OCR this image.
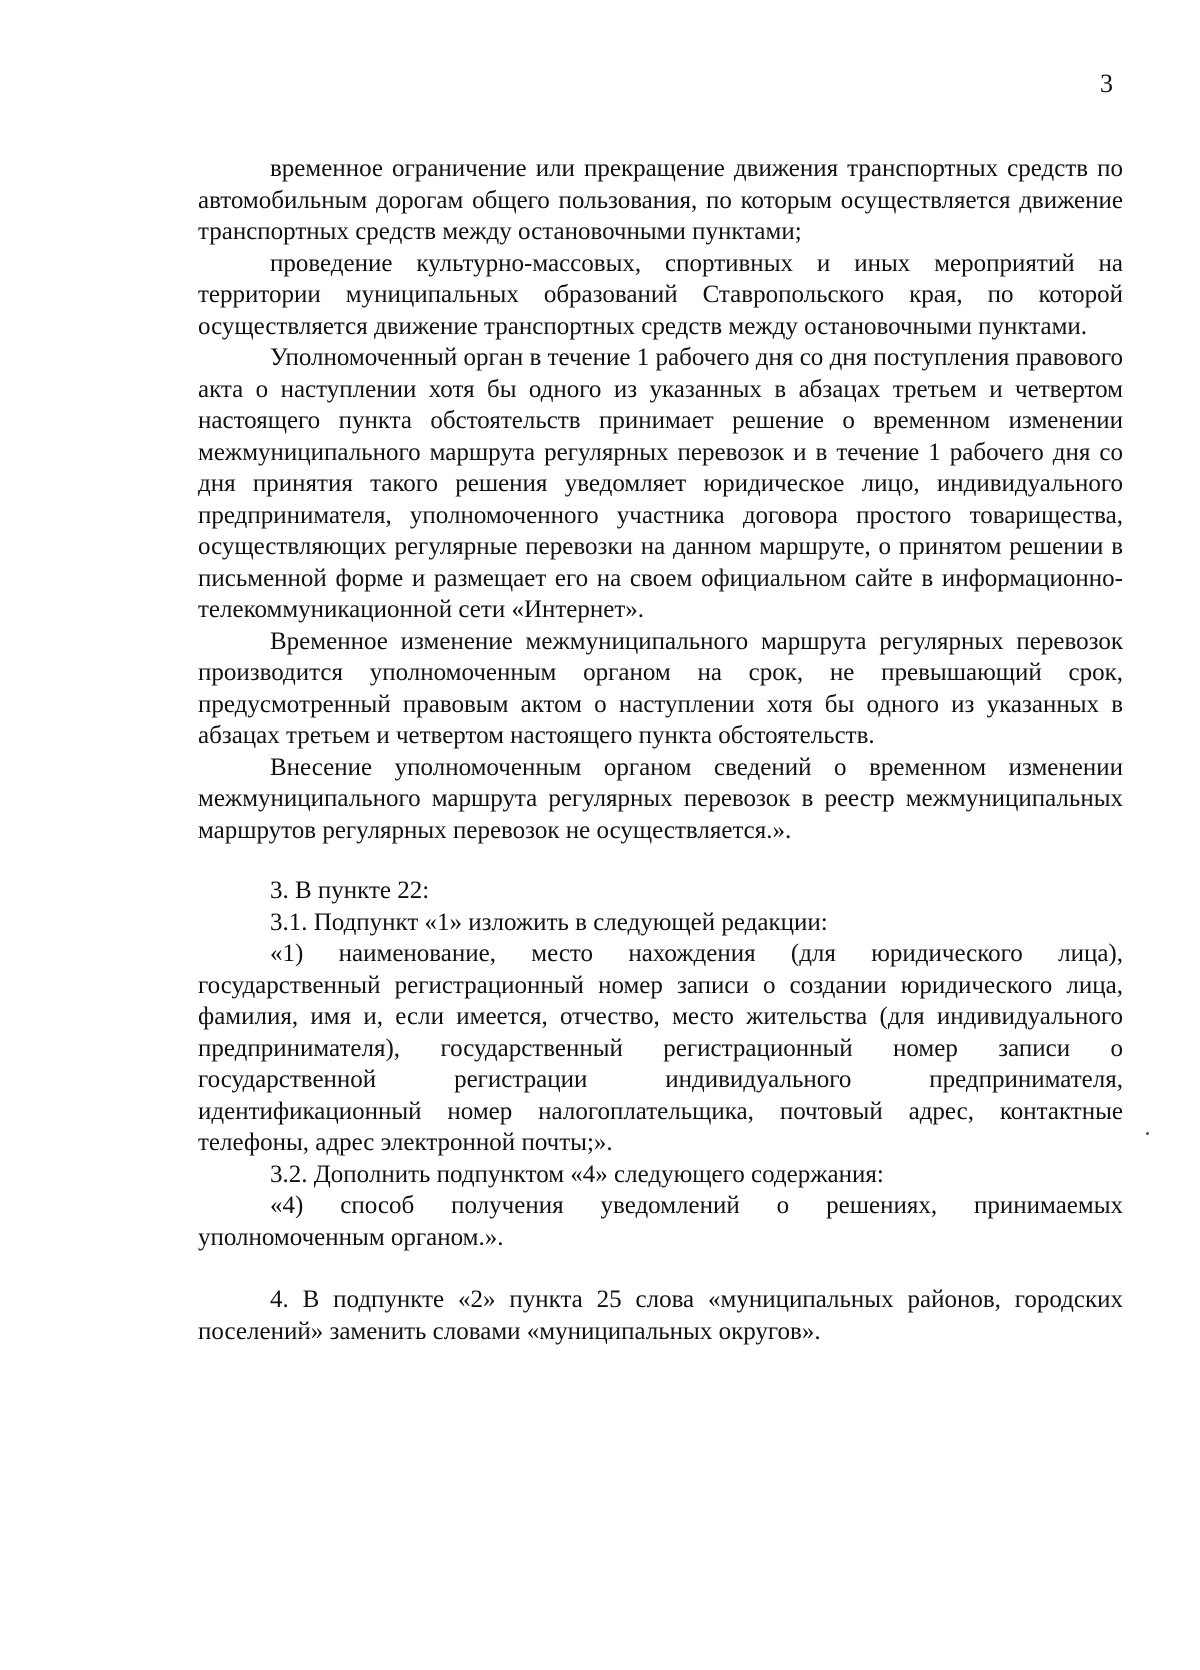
3

временное ограничение или прекращение движения транспортных средств по автомобильным дорогам общего пользования, по которым осуществляется движение транспортных средств между остановочными пунктами;

проведение культурно-массовых, спортивных и иных мероприятий на территории муниципальных образований Ставропольского края, по которой осуществляется движение транспортных средств между остановочными пунктами.

Уполномоченный орган в течение 1 рабочего дня со дня поступления правового акта о наступлении хотя бы одного из указанных в абзацах третьем и четвертом настоящего пункта обстоятельств принимает решение о временном изменении межмуниципального маршрута регулярных перевозок и в течение 1 рабочего дня со дня принятия такого решения уведомляет юридическое лицо, индивидуального предпринимателя, уполномоченного участника договора простого товарищества, осуществляющих регулярные перевозки на данном маршруте, о принятом решении в письменной форме и размещает его на своем официальном сайте в информационно-телекоммуникационной сети «Интернет».

Временное изменение межмуниципального маршрута регулярных перевозок производится уполномоченным органом на срок, не превышающий срок, предусмотренный правовым актом о наступлении хотя бы одного из указанных в абзацах третьем и четвертом настоящего пункта обстоятельств.

Внесение уполномоченным органом сведений о временном изменении межмуниципального маршрута регулярных перевозок в реестр межмуниципальных маршрутов регулярных перевозок не осуществляется.».

3. В пункте 22:

3.1. Подпункт «1» изложить в следующей редакции:

«1) наименование, место нахождения (для юридического лица), государственный регистрационный номер записи о создании юридического лица, фамилия, имя и, если имеется, отчество, место жительства (для индивидуального предпринимателя), государственный регистрационный номер записи о государственной регистрации индивидуального предпринимателя, идентификационный номер налогоплательщика, почтовый адрес, контактные телефоны, адрес электронной почты;».

3.2. Дополнить подпунктом «4» следующего содержания:

«4) способ получения уведомлений о решениях, принимаемых уполномоченным органом.».

4. В подпункте «2» пункта 25 слова «муниципальных районов, городских поселений» заменить словами «муниципальных округов».
